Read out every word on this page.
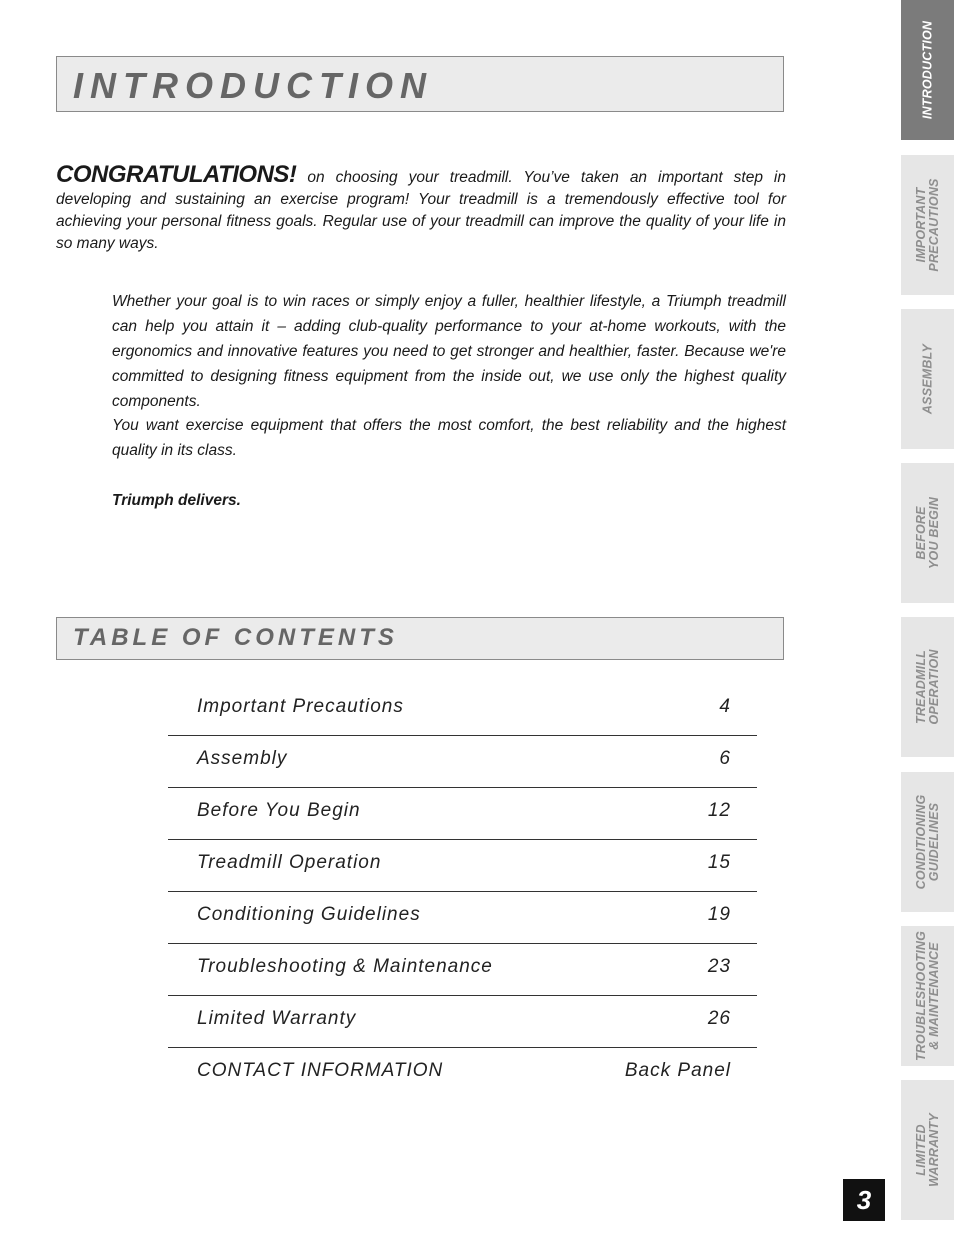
INTRODUCTION
CONGRATULATIONS! on choosing your treadmill. You’ve taken an important step in developing and sustaining an exercise program! Your treadmill is a tremendously effective tool for achieving your personal fitness goals. Regular use of your treadmill can improve the quality of your life in so many ways.
Whether your goal is to win races or simply enjoy a fuller, healthier lifestyle, a Triumph treadmill can help you attain it – adding club-quality performance to your at-home workouts, with the ergonomics and innovative features you need to get stronger and healthier, faster. Because we're committed to designing fitness equipment from the inside out, we use only the highest quality components.
You want exercise equipment that offers the most comfort, the best reliability and the highest quality in its class.
Triumph delivers.
TABLE OF CONTENTS
Important Precautions	4
Assembly	6
Before You Begin	12
Treadmill Operation	15
Conditioning Guidelines	19
Troubleshooting & Maintenance	23
Limited Warranty	26
CONTACT INFORMATION	Back Panel
INTRODUCTION
IMPORTANT
PRECAUTIONS
ASSEMBLY
BEFORE
YOU BEGIN
TREADMILL
OPERATION
CONDITIONING
GUIDELINES
TROUBLESHOOTING
& MAINTENANCE
LIMITED
WARRANTY
3
